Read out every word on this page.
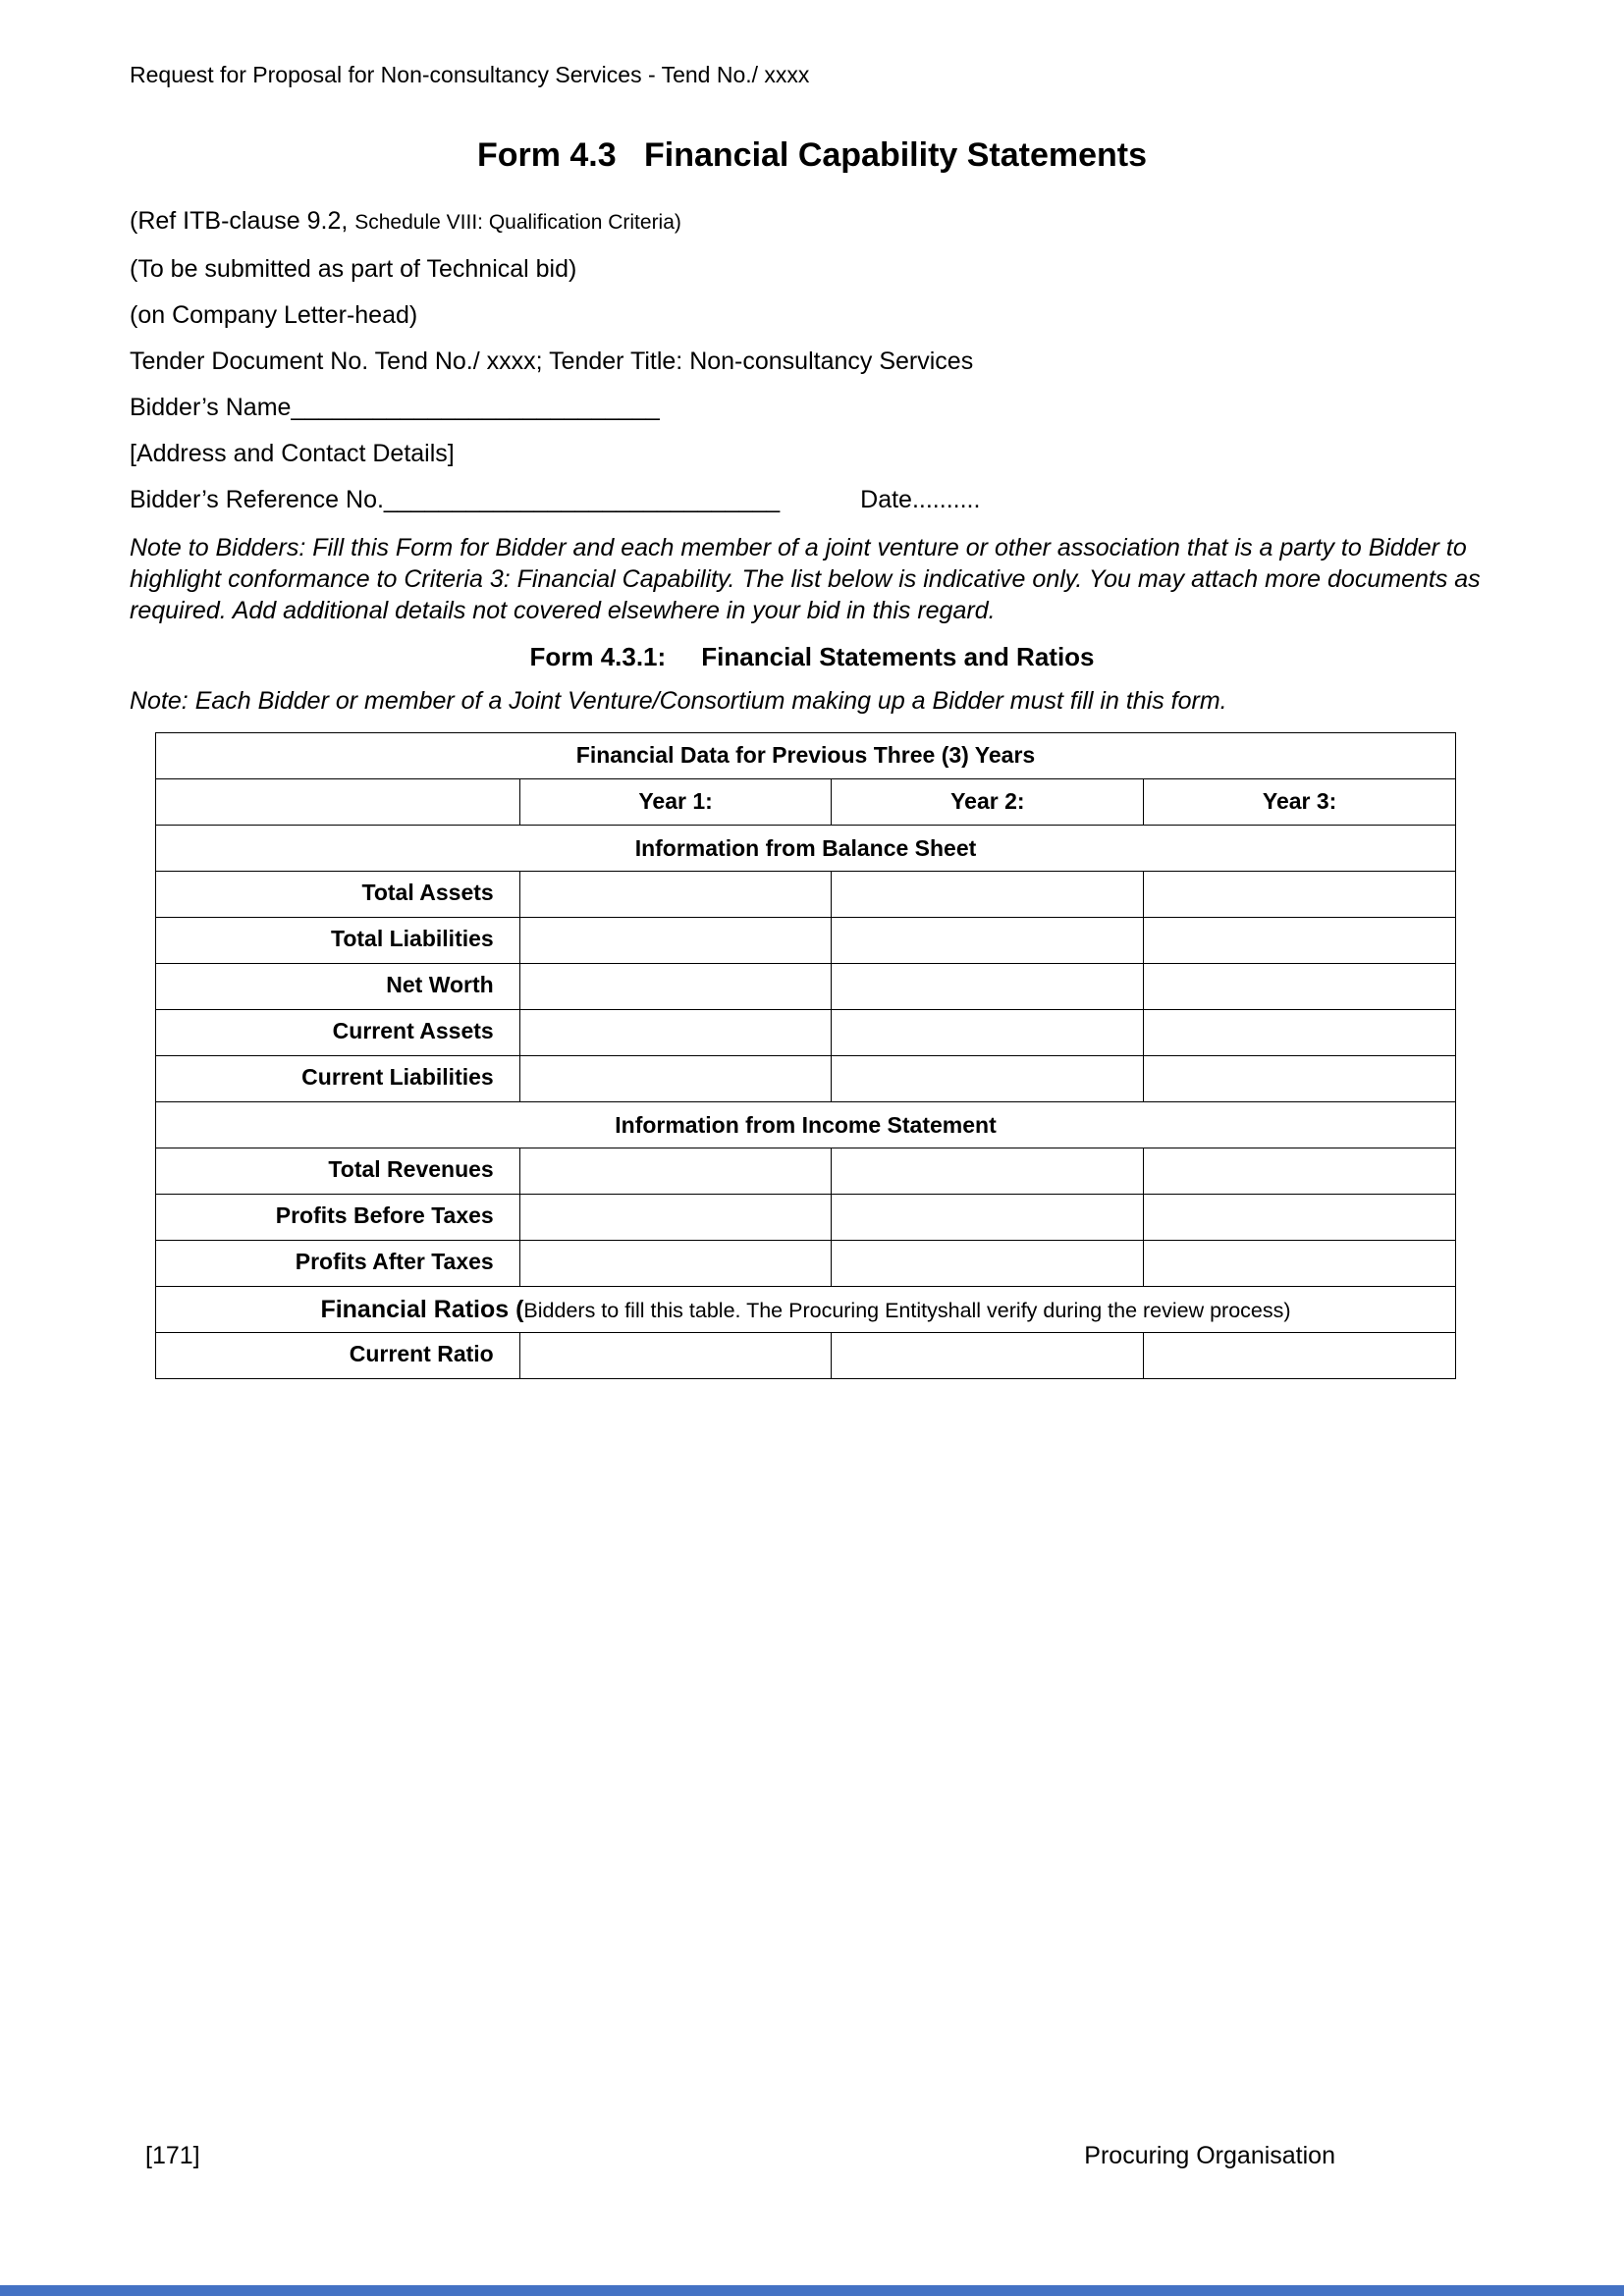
Request for Proposal for Non-consultancy Services - Tend No./ xxxx
Form 4.3   Financial Capability Statements

(Ref ITB-clause 9.2, Schedule VIII: Qualification Criteria)

(To be submitted as part of Technical bid)

(on Company Letter-head)

Tender Document No. Tend No./ xxxx; Tender Title: Non-consultancy Services

Bidder’s Name___________________________

[Address and Contact Details]

Bidder’s Reference No._____________________________	Date..........

Note to Bidders: Fill this Form for Bidder and each member of a joint venture or other association that is a party to Bidder to highlight conformance to Criteria 3: Financial Capability. The list below is indicative only. You may attach more documents as required. Add additional details not covered elsewhere in your bid in this regard.

Form 4.3.1:     Financial Statements and Ratios

Note: Each Bidder or member of a Joint Venture/Consortium making up a Bidder must fill in this form.

Financial Data for Previous Three (3) Years			
	Year 1:	Year 2:	Year 3:
Information from Balance Sheet			
Total Assets			
Total Liabilities			
Net Worth			
Current Assets			
Current Liabilities			
Information from Income Statement			
Total Revenues			
Profits Before Taxes			
Profits After Taxes			
Financial Ratios (Bidders to fill this table. The Procuring Entityshall verify during the review process)			
Current Ratio			
[171]	Procuring Organisation
